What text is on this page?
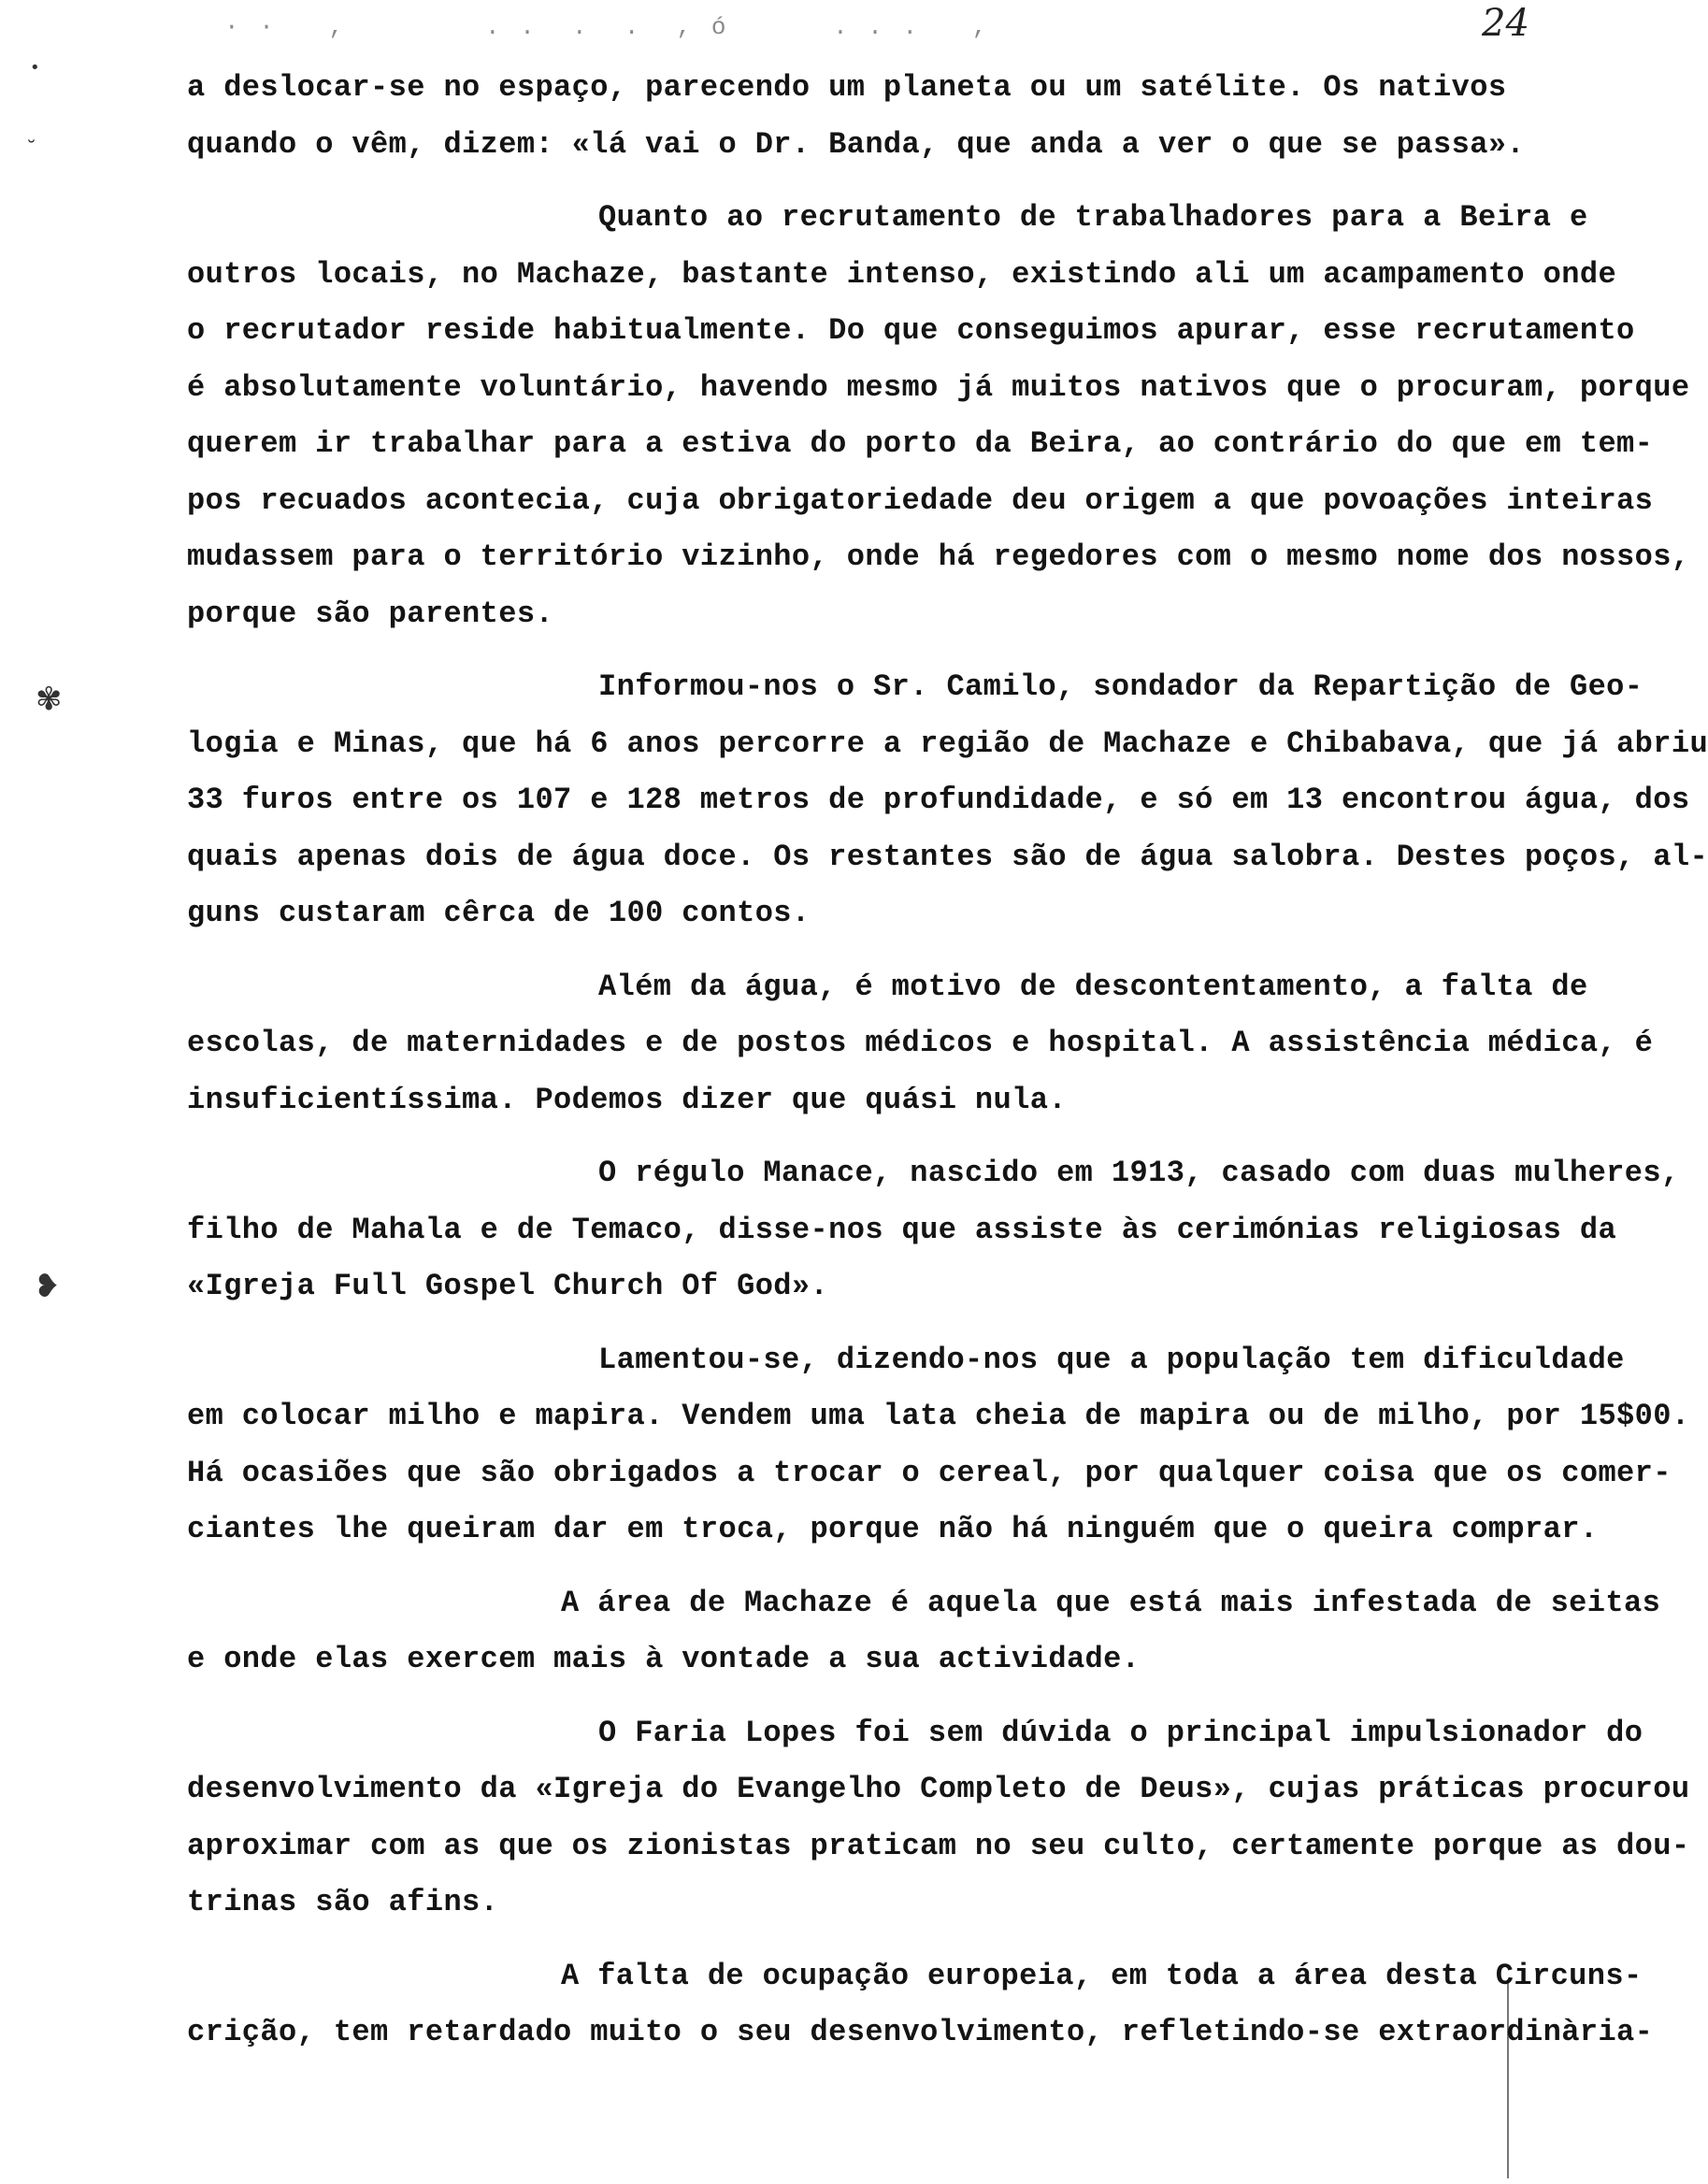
· ·   ,        . .  .  .  , ó      . . .   ,	24
•
˘
✾
❥
a deslocar-se no espaço, parecendo um planeta ou um satélite. Os nativos
quando o vêm, dizem: «lá vai o Dr. Banda, que anda a ver o que se passa».
Quanto ao recrutamento de trabalhadores para a Beira e
outros locais, no Machaze, bastante intenso, existindo ali um acampamento onde
o recrutador reside habitualmente. Do que conseguimos apurar, esse recrutamento
é absolutamente voluntário, havendo mesmo já muitos nativos que o procuram, porque
querem ir trabalhar para a estiva do porto da Beira, ao contrário do que em tem-
pos recuados acontecia, cuja obrigatoriedade deu origem a que povoações inteiras
mudassem para o território vizinho, onde há regedores com o mesmo nome dos nossos,
porque são parentes.
Informou-nos o Sr. Camilo, sondador da Repartição de Geo-
logia e Minas, que há 6 anos percorre a região de Machaze e Chibabava, que já abriu
33 furos entre os 107 e 128 metros de profundidade, e só em 13 encontrou água, dos
quais apenas dois de água doce. Os restantes são de água salobra. Destes poços, al-
guns custaram cêrca de 100 contos.
Além da água, é motivo de descontentamento, a falta de
escolas, de maternidades e de postos médicos e hospital. A assistência médica, é
insuficientíssima. Podemos dizer que quási nula.
O régulo Manace, nascido em 1913, casado com duas mulheres,
filho de Mahala e de Temaco, disse-nos que assiste às cerimónias religiosas da
«Igreja Full Gospel Church Of God».
Lamentou-se, dizendo-nos que a população tem dificuldade
em colocar milho e mapira. Vendem uma lata cheia de mapira ou de milho, por 15$00.
Há ocasiões que são obrigados a trocar o cereal, por qualquer coisa que os comer-
ciantes lhe queiram dar em troca, porque não há ninguém que o queira comprar.
A área de Machaze é aquela que está mais infestada de seitas
e onde elas exercem mais à vontade a sua actividade.
O Faria Lopes foi sem dúvida o principal impulsionador do
desenvolvimento da «Igreja do Evangelho Completo de Deus», cujas práticas procurou
aproximar com as que os zionistas praticam no seu culto, certamente porque as dou-
trinas são afins.
A falta de ocupação europeia, em toda a área desta Circuns-
crição, tem retardado muito o seu desenvolvimento, refletindo-se extraordinària-
